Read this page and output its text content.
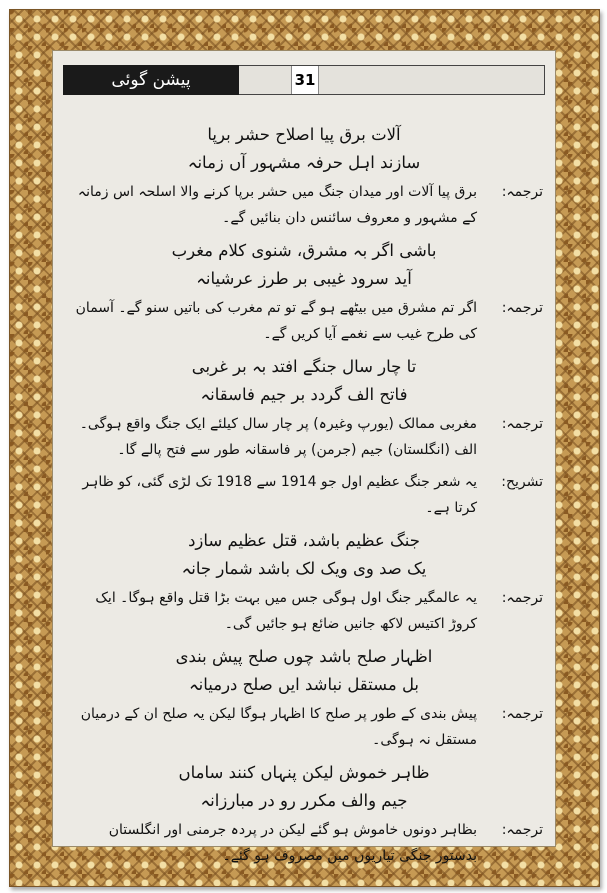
پیشن گوئی	31
آلات برق پیا اصلاح حشر برپا
سازند اہل حرفہ مشہور آں زمانہ
ترجمہ:
برق پیا آلات اور میدان جنگ میں حشر برپا کرنے والا اسلحہ اس زمانہ کے مشہور و معروف سائنس دان بنائیں گے۔
باشی اگر بہ مشرق، شنوی کلام مغرب
آید سرود غیبی بر طرز عرشیانہ
ترجمہ:
اگر تم مشرق میں بیٹھے ہو گے تو تم مغرب کی باتیں سنو گے۔ آسمان کی طرح غیب سے نغمے آیا کریں گے۔
تا چار سال جنگے افتد بہ بر غربی
فاتح الف گردد بر جیم فاسقانہ
ترجمہ:
مغربی ممالک (یورپ وغیرہ) پر چار سال کیلئے ایک جنگ واقع ہوگی۔ الف (انگلستان) جیم (جرمن) پر فاسقانہ طور سے فتح پالے گا۔
تشریح:
یہ شعر جنگ عظیم اول جو 1914 سے 1918 تک لڑی گئی، کو ظاہر کرتا ہے۔
جنگ عظیم باشد، قتل عظیم سازد
یک صد وی ویک لک باشد شمار جانہ
ترجمہ:
یہ عالمگیر جنگ اول ہوگی جس میں بہت بڑا قتل واقع ہوگا۔ ایک کروڑ اکتیس لاکھ جانیں ضائع ہو جائیں گی۔
اظہار صلح باشد چوں صلح پیش بندی
بل مستقل نباشد ایں صلح درمیانہ
ترجمہ:
پیش بندی کے طور پر صلح کا اظہار ہوگا لیکن یہ صلح ان کے درمیان مستقل نہ ہوگی۔
ظاہر خموش لیکن پنہاں کنند ساماں
جیم والف مکرر رو در مبارزانہ
ترجمہ:
بظاہر دونوں خاموش ہو گئے لیکن در پردہ جرمنی اور انگلستان بدستور جنگی تیاریوں میں مصروف ہو گئے۔
